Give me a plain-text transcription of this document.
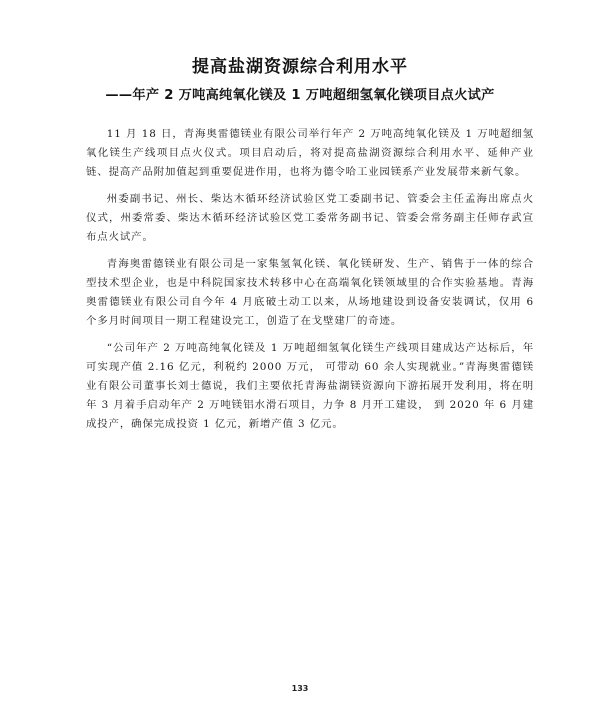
提高盐湖资源综合利用水平
——年产 2 万吨高纯氧化镁及 1 万吨超细氢氧化镁项目点火试产

11 月 18 日，青海奥雷德镁业有限公司举行年产 2 万吨高纯氧化镁及 1 万吨超细氢氧化镁生产线项目点火仪式。项目启动后，将对提高盐湖资源综合利用水平、延伸产业链、提高产品附加值起到重要促进作用，也将为德令哈工业园镁系产业发展带来新气象。

州委副书记、州长、柴达木循环经济试验区党工委副书记、管委会主任孟海出席点火仪式，州委常委、柴达木循环经济试验区党工委常务副书记、管委会常务副主任师存武宣布点火试产。

青海奥雷德镁业有限公司是一家集氢氧化镁、氧化镁研发、生产、销售于一体的综合型技术型企业，也是中科院国家技术转移中心在高端氧化镁领域里的合作实验基地。青海奥雷德镁业有限公司自今年 4 月底破土动工以来，从场地建设到设备安装调试，仅用 6 个多月时间项目一期工程建设完工，创造了在戈壁建厂的奇迹。

“公司年产 2 万吨高纯氧化镁及 1 万吨超细氢氧化镁生产线项目建成达产达标后，年可实现产值 2.16 亿元，利税约 2000 万元， 可带动 60 余人实现就业。”青海奥雷德镁业有限公司董事长刘士德说，我们主要依托青海盐湖镁资源向下游拓展开发利用，将在明年 3 月着手启动年产 2 万吨镁铝水滑石项目，力争 8 月开工建设， 到 2020 年 6 月建成投产，确保完成投资 1 亿元，新增产值 3 亿元。

133
